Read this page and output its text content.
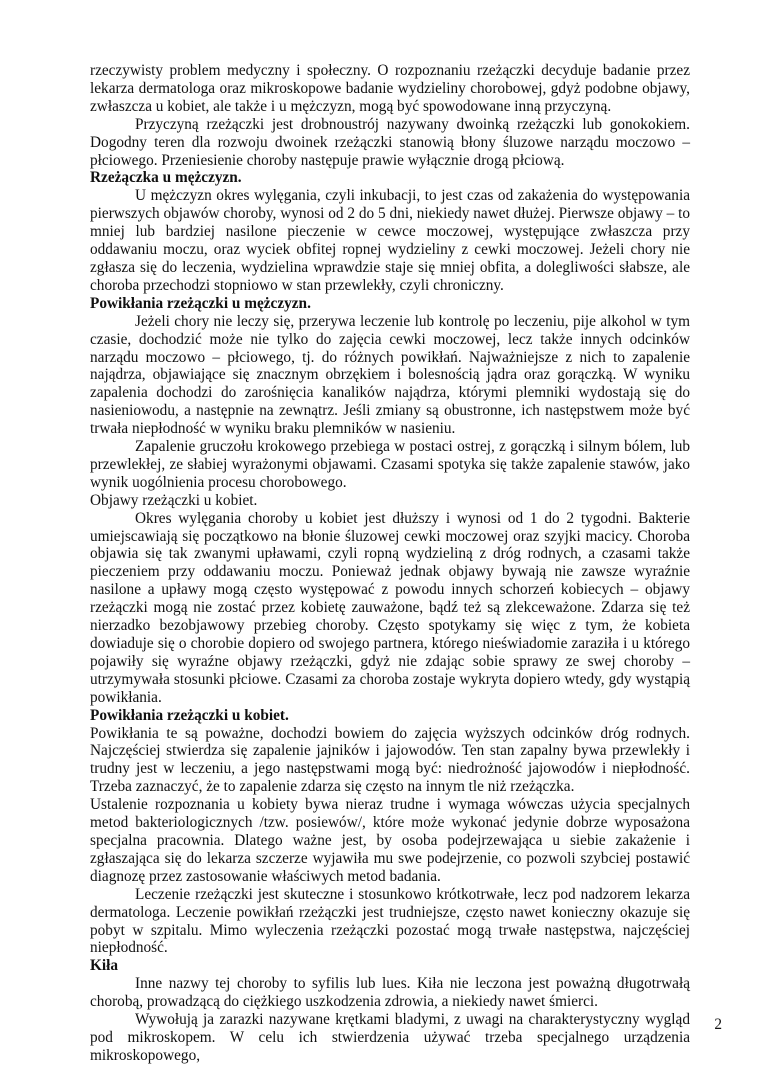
rzeczywisty problem medyczny i społeczny. O rozpoznaniu rzeżączki decyduje badanie przez lekarza dermatologa oraz mikroskopowe badanie wydzieliny chorobowej, gdyż podobne objawy, zwłaszcza u kobiet, ale także i u mężczyzn, mogą być spowodowane inną przyczyną.

Przyczyną rzeżączki jest drobnoustrój nazywany dwoinką rzeżączki lub gonokokiem. Dogodny teren dla rozwoju dwoinek rzeżączki stanowią błony śluzowe narządu moczowo – płciowego. Przeniesienie choroby następuje prawie wyłącznie drogą płciową.

Rzeżączka u mężczyzn.

U mężczyzn okres wylęgania, czyli inkubacji, to jest czas od zakażenia do występowania pierwszych objawów choroby, wynosi od 2 do 5 dni, niekiedy nawet dłużej. Pierwsze objawy – to mniej lub bardziej nasilone pieczenie w cewce moczowej, występujące zwłaszcza przy oddawaniu moczu, oraz wyciek obfitej ropnej wydzieliny z cewki moczowej. Jeżeli chory nie zgłasza się do leczenia, wydzielina wprawdzie staje się mniej obfita, a dolegliwości słabsze, ale choroba przechodzi stopniowo w stan przewlekły, czyli chroniczny.

Powikłania rzeżączki u mężczyzn.

Jeżeli chory nie leczy się, przerywa leczenie lub kontrolę po leczeniu, pije alkohol w tym czasie, dochodzić może nie tylko do zajęcia cewki moczowej, lecz także innych odcinków narządu moczowo – płciowego, tj. do różnych powikłań. Najważniejsze z nich to zapalenie najądrza, objawiające się znacznym obrzękiem i bolesnością jądra oraz gorączką. W wyniku zapalenia dochodzi do zarośnięcia kanalików najądrza, którymi plemniki wydostają się do nasieniowodu, a następnie na zewnątrz. Jeśli zmiany są obustronne, ich następstwem może być trwała niepłodność w wyniku braku plemników w nasieniu.

Zapalenie gruczołu krokowego przebiega w postaci ostrej, z gorączką i silnym bólem, lub przewlekłej, ze słabiej wyrażonymi objawami. Czasami spotyka się także zapalenie stawów, jako wynik uogólnienia procesu chorobowego.

Objawy rzeżączki u kobiet.

Okres wylęgania choroby u kobiet jest dłuższy i wynosi od 1 do 2 tygodni. Bakterie umiejscawiają się początkowo na błonie śluzowej cewki moczowej oraz szyjki macicy. Choroba objawia się tak zwanymi upławami, czyli ropną wydzieliną z dróg rodnych, a czasami także pieczeniem przy oddawaniu moczu. Ponieważ jednak objawy bywają nie zawsze wyraźnie nasilone a upławy mogą często występować z powodu innych schorzeń kobiecych – objawy rzeżączki mogą nie zostać przez kobietę zauważone, bądź też są zlekceważone. Zdarza się też nierzadko bezobjawowy przebieg choroby. Często spotykamy się więc z tym, że kobieta dowiaduje się o chorobie dopiero od swojego partnera, którego nieświadomie zaraziła i u którego pojawiły się wyraźne objawy rzeżączki, gdyż nie zdając sobie sprawy ze swej choroby – utrzymywała stosunki płciowe. Czasami za choroba zostaje wykryta dopiero wtedy, gdy wystąpią powikłania.

Powikłania rzeżączki u kobiet.

Powikłania te są poważne, dochodzi bowiem do zajęcia wyższych odcinków dróg rodnych. Najczęściej stwierdza się zapalenie jajników i jajowodów. Ten stan zapalny bywa przewlekły i trudny jest w leczeniu, a jego następstwami mogą być: niedrożność jajowodów i niepłodność. Trzeba zaznaczyć, że to zapalenie zdarza się często na innym tle niż rzeżączka.

Ustalenie rozpoznania u kobiety bywa nieraz trudne i wymaga wówczas użycia specjalnych metod bakteriologicznych /tzw. posiewów/, które może wykonać jedynie dobrze wyposażona specjalna pracownia. Dlatego ważne jest, by osoba podejrzewająca u siebie zakażenie i zgłaszająca się do lekarza szczerze wyjawiła mu swe podejrzenie, co pozwoli szybciej postawić diagnozę przez zastosowanie właściwych metod badania.

Leczenie rzeżączki jest skuteczne i stosunkowo krótkotrwałe, lecz pod nadzorem lekarza dermatologa. Leczenie powikłań rzeżączki jest trudniejsze, często nawet konieczny okazuje się pobyt w szpitalu. Mimo wyleczenia rzeżączki pozostać mogą trwałe następstwa, najczęściej niepłodność.

Kiła

Inne nazwy tej choroby to syfilis lub lues. Kiła nie leczona jest poważną długotrwałą chorobą, prowadzącą do ciężkiego uszkodzenia zdrowia, a niekiedy nawet śmierci.

Wywołują ja zarazki nazywane krętkami bladymi, z uwagi na charakterystyczny wygląd pod mikroskopem. W celu ich stwierdzenia używać trzeba specjalnego urządzenia mikroskopowego,

2
